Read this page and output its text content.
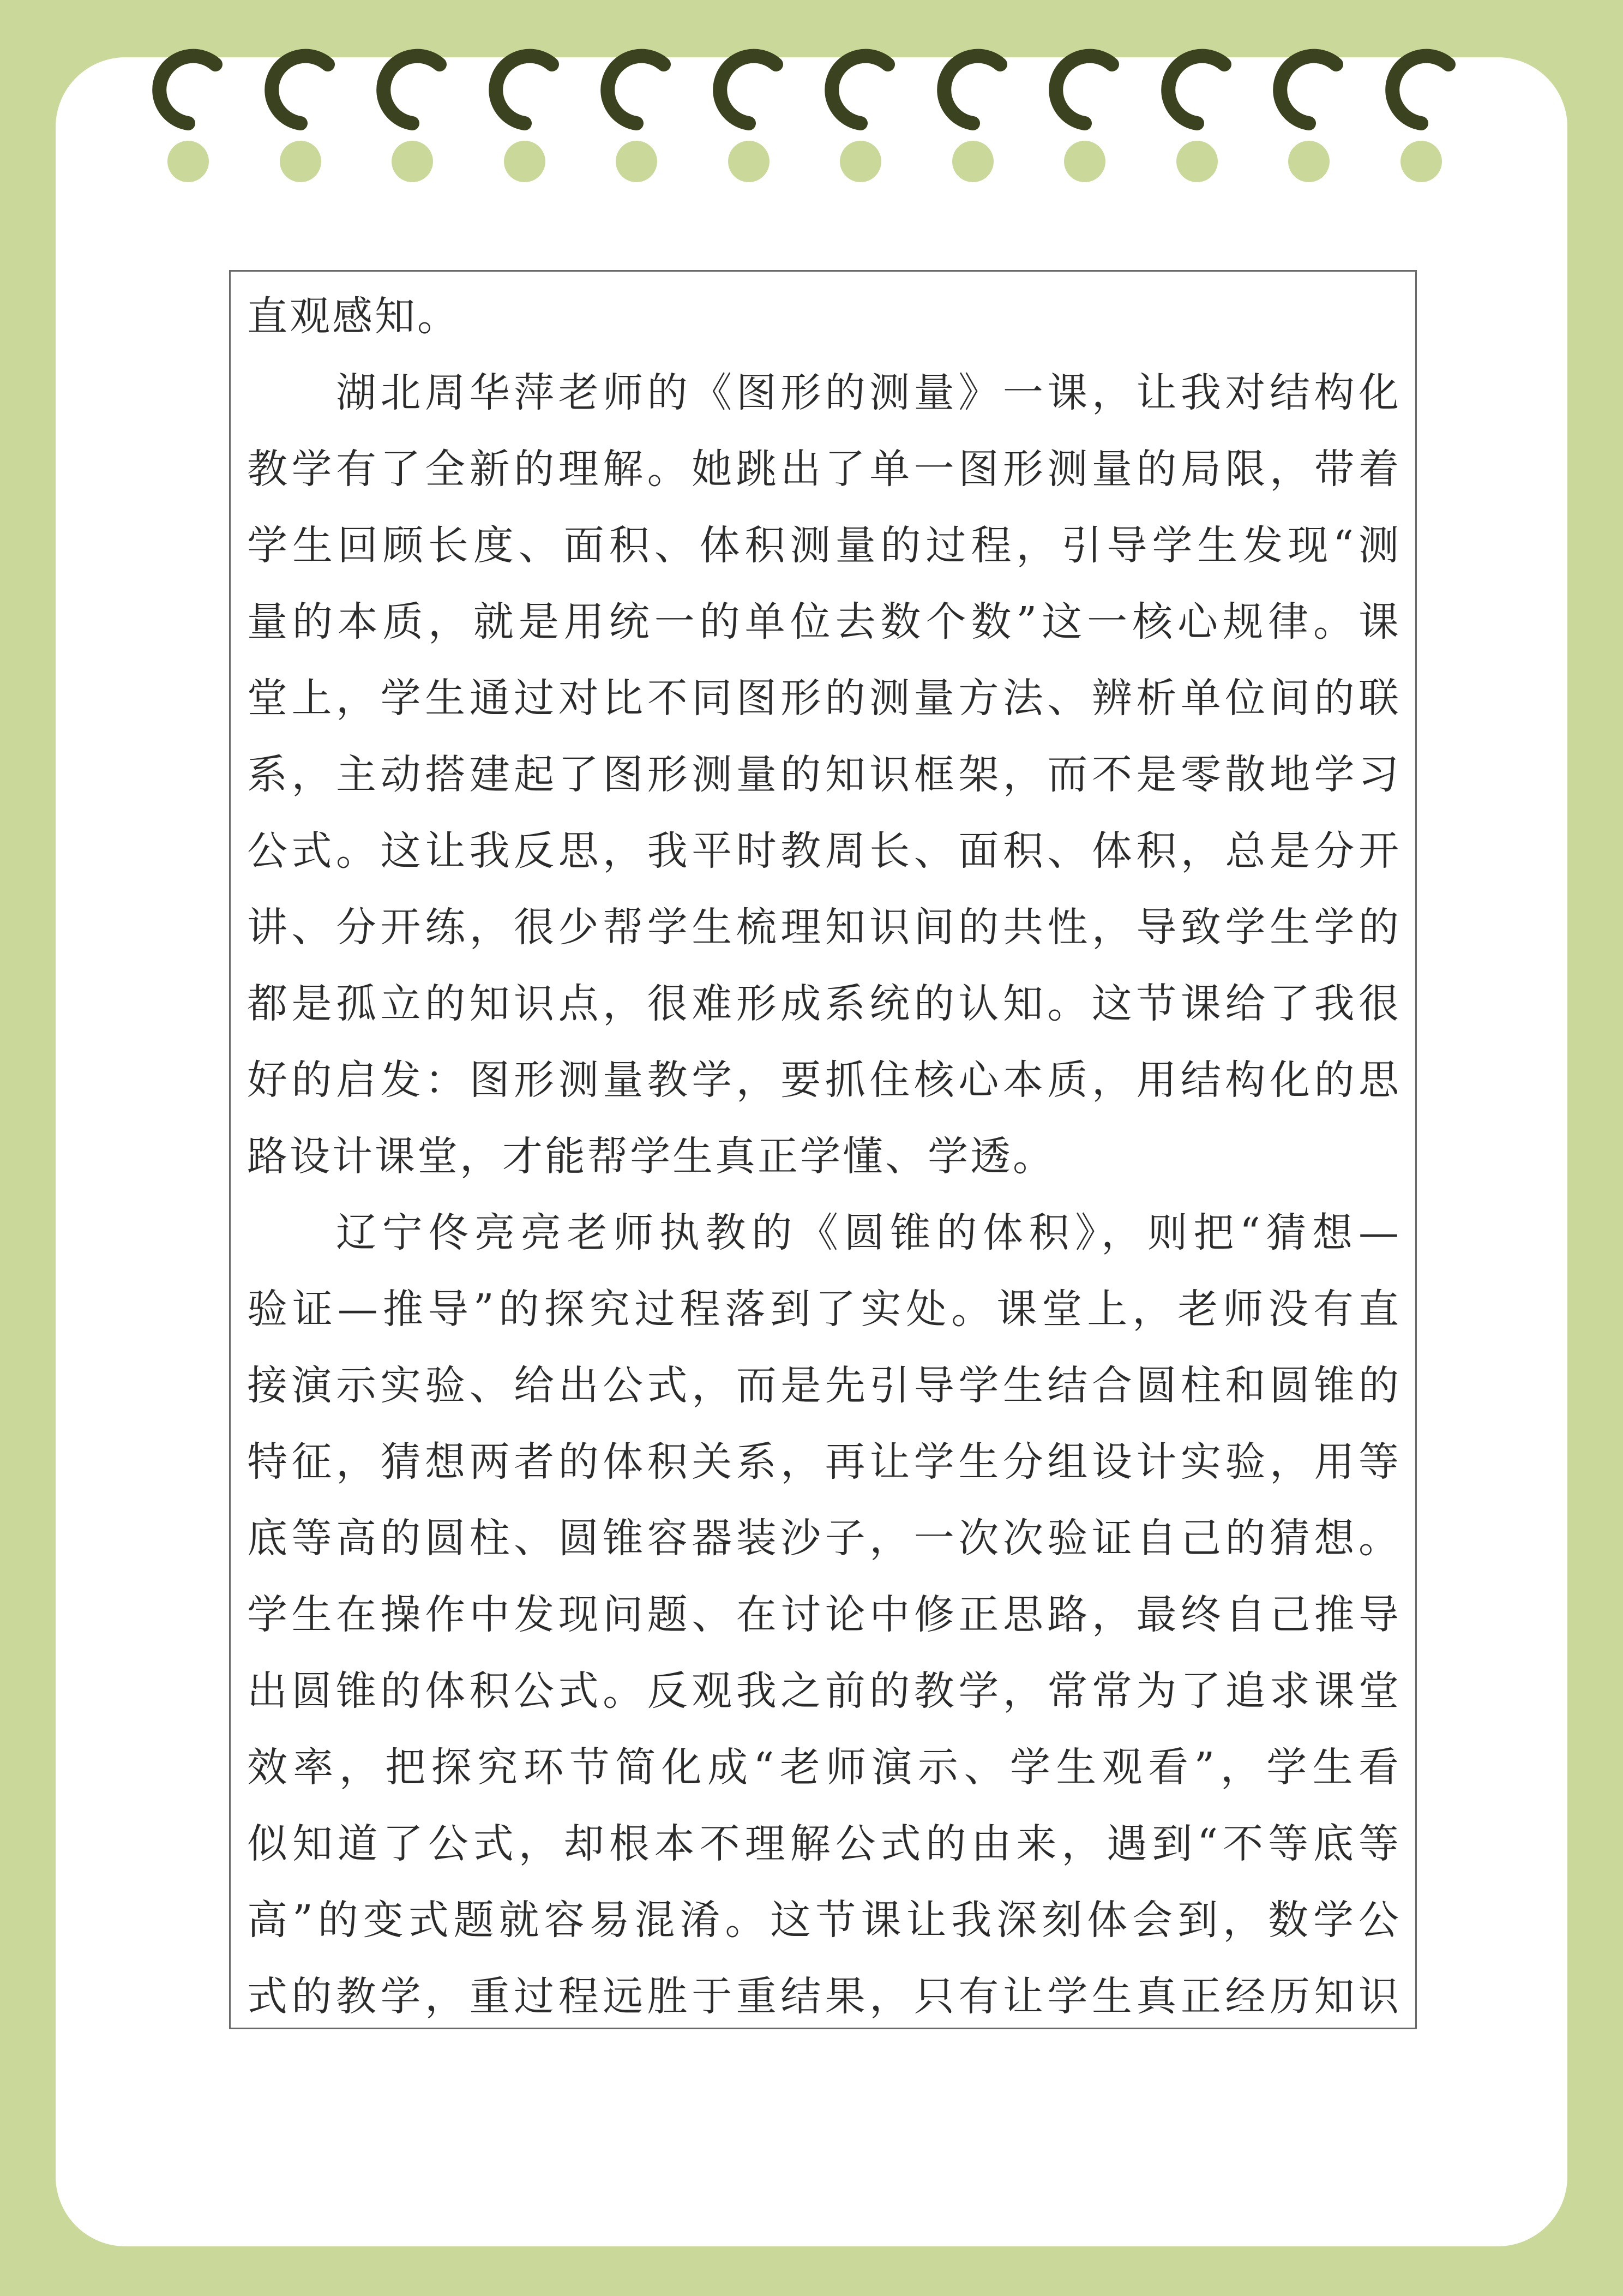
直观感知。
湖北周华萍老师的《图形的测量》一课，让我对结构化
教学有了全新的理解。她跳出了单一图形测量的局限，带着
学生回顾长度、面积、体积测量的过程，引导学生发现“测
量的本质，就是用统一的单位去数个数”这一核心规律。课
堂上，学生通过对比不同图形的测量方法、辨析单位间的联
系，主动搭建起了图形测量的知识框架，而不是零散地学习
公式。这让我反思，我平时教周长、面积、体积，总是分开
讲、分开练，很少帮学生梳理知识间的共性，导致学生学的
都是孤立的知识点，很难形成系统的认知。这节课给了我很
好的启发：图形测量教学，要抓住核心本质，用结构化的思
路设计课堂，才能帮学生真正学懂、学透。
辽宁佟亮亮老师执教的《圆锥的体积》，则把“猜想—
验证—推导”的探究过程落到了实处。课堂上，老师没有直
接演示实验、给出公式，而是先引导学生结合圆柱和圆锥的
特征，猜想两者的体积关系，再让学生分组设计实验，用等
底等高的圆柱、圆锥容器装沙子，一次次验证自己的猜想。
学生在操作中发现问题、在讨论中修正思路，最终自己推导
出圆锥的体积公式。反观我之前的教学，常常为了追求课堂
效率，把探究环节简化成“老师演示、学生观看”，学生看
似知道了公式，却根本不理解公式的由来，遇到“不等底等
高”的变式题就容易混淆。这节课让我深刻体会到，数学公
式的教学，重过程远胜于重结果，只有让学生真正经历知识
